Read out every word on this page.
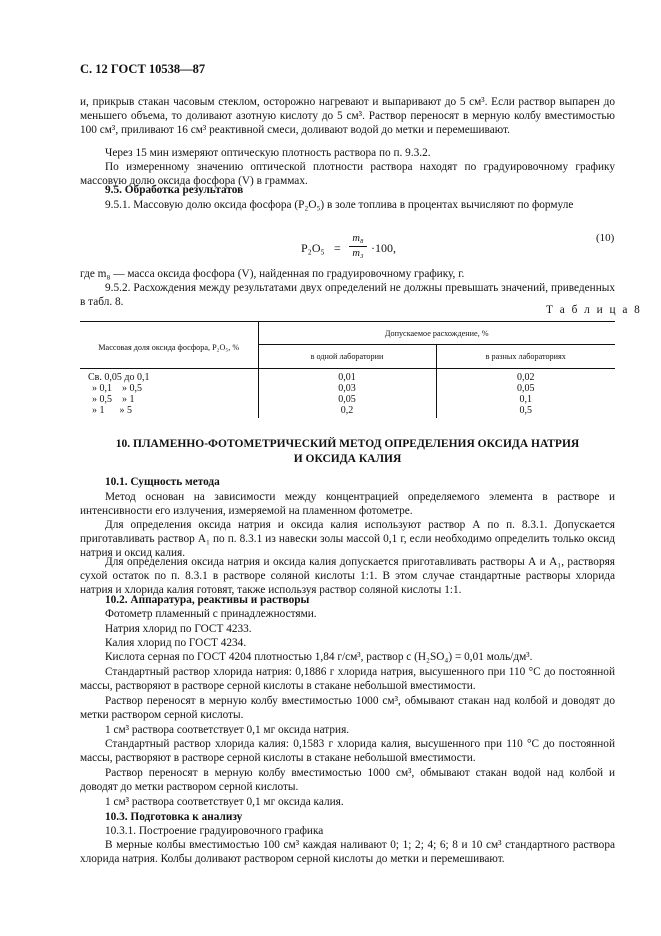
С. 12 ГОСТ 10538—87

и, прикрыв стакан часовым стеклом, осторожно нагревают и выпаривают до 5 см³. Если раствор выпарен до меньшего объема, то доливают азотную кислоту до 5 см³. Раствор переносят в мерную колбу вместимостью 100 см³, приливают 16 см³ реактивной смеси, доливают водой до метки и перемешивают.

Через 15 мин измеряют оптическую плотность раствора по п. 9.3.2.

По измеренному значению оптической плотности раствора находят по градуировочному графику массовую долю оксида фосфора (V) в граммах.

9.5. Обработка результатов

9.5.1. Массовую долю оксида фосфора (P₂O₅) в золе топлива в процентах вычисляют по формуле

P₂O₅ =
m₈
m₃ ·100,
(10)

где m₈ — масса оксида фосфора (V), найденная по градуировочному графику, г.

9.5.2. Расхождения между результатами двух определений не должны превышать значений, приведенных в табл. 8.

Т а б л и ц а 8
Массовая доля оксида фосфора, P₂O₅, %	Допускаемое расхождение, %	
	в одной лаборатории	в разных лабораториях
Св. 0,05 до 0,1	0,01	0,02
» 0,1    » 0,5	0,03	0,05
» 0,5    » 1	0,05	0,1
» 1      » 5	0,2	0,5
10. ПЛАМЕННО-ФОТОМЕТРИЧЕСКИЙ МЕТОД ОПРЕДЕЛЕНИЯ ОКСИДА НАТРИЯ
И ОКСИДА КАЛИЯ

10.1. Сущность метода

Метод основан на зависимости между концентрацией определяемого элемента в растворе и интенсивности его излучения, измеряемой на пламенном фотометре.

Для определения оксида натрия и оксида калия используют раствор А по п. 8.3.1. Допускается приготавливать раствор А₁ по п. 8.3.1 из навески золы массой 0,1 г, если необходимо определить только оксид натрия и оксид калия.

Для определения оксида натрия и оксида калия допускается приготавливать растворы А и А₁, растворяя сухой остаток по п. 8.3.1 в растворе соляной кислоты 1:1. В этом случае стандартные растворы хлорида натрия и хлорида калия готовят, также используя раствор соляной кислоты 1:1.

10.2. Аппаратура, реактивы и растворы

Фотометр пламенный с принадлежностями.

Натрия хлорид по ГОСТ 4233.

Калия хлорид по ГОСТ 4234.

Кислота серная по ГОСТ 4204 плотностью 1,84 г/см³, раствор c (H₂SO₄) = 0,01 моль/дм³.

Стандартный раствор хлорида натрия: 0,1886 г хлорида натрия, высушенного при 110 °С до постоянной массы, растворяют в растворе серной кислоты в стакане небольшой вместимости.

Раствор переносят в мерную колбу вместимостью 1000 см³, обмывают стакан над колбой и доводят до метки раствором серной кислоты.

1 см³ раствора соответствует 0,1 мг оксида натрия.

Стандартный раствор хлорида калия: 0,1583 г хлорида калия, высушенного при 110 °С до постоянной массы, растворяют в растворе серной кислоты в стакане небольшой вместимости.

Раствор переносят в мерную колбу вместимостью 1000 см³, обмывают стакан водой над колбой и доводят до метки раствором серной кислоты.

1 см³ раствора соответствует 0,1 мг оксида калия.

10.3. Подготовка к анализу

10.3.1. Построение градуировочного графика

В мерные колбы вместимостью 100 см³ каждая наливают 0; 1; 2; 4; 6; 8 и 10 см³ стандартного раствора хлорида натрия. Колбы доливают раствором серной кислоты до метки и перемешивают.
